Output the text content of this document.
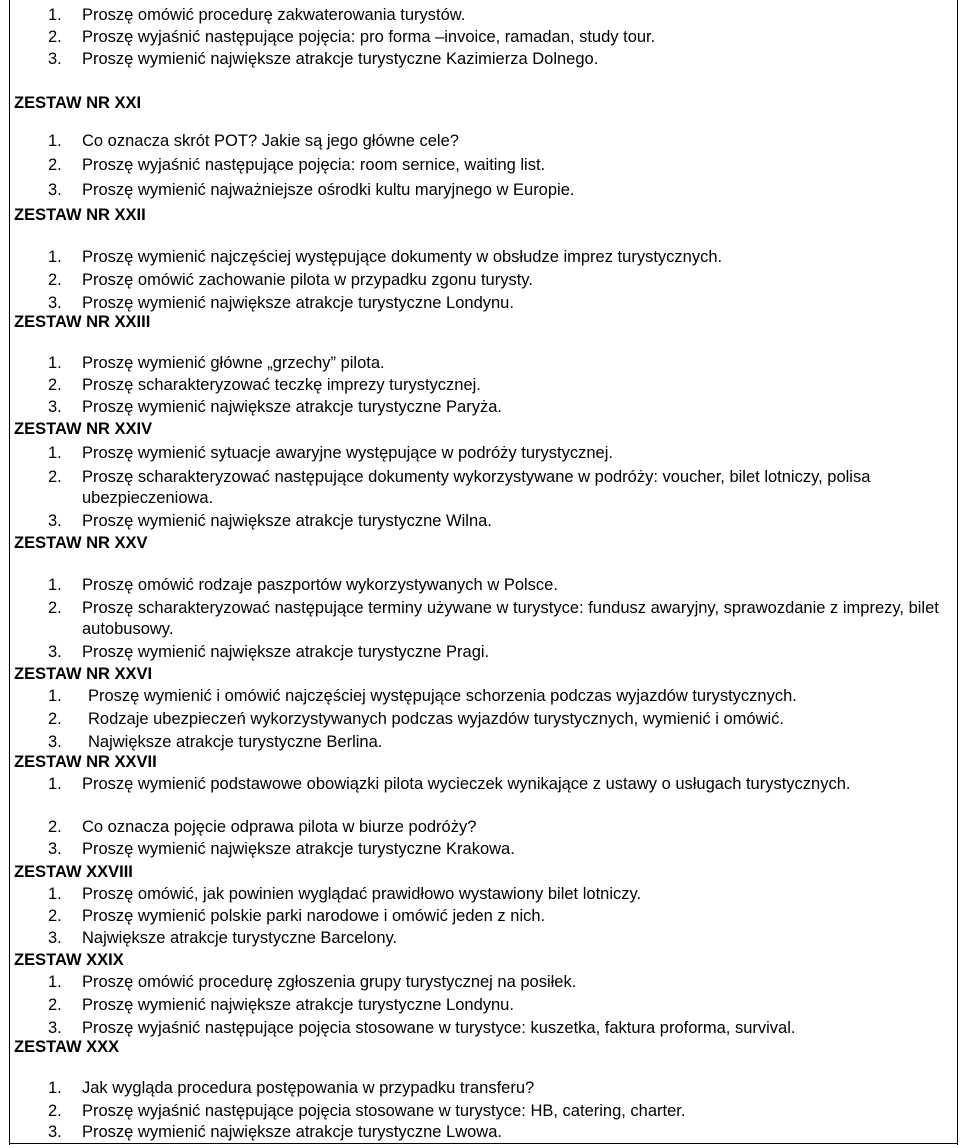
1. Proszę omówić procedurę zakwaterowania turystów.
2. Proszę wyjaśnić następujące pojęcia: pro forma –invoice, ramadan, study tour.
3. Proszę wymienić największe atrakcje turystyczne Kazimierza Dolnego.
ZESTAW NR XXI
1. Co oznacza skrót POT? Jakie są jego główne cele?
2. Proszę wyjaśnić następujące pojęcia: room sernice, waiting list.
3. Proszę wymienić najważniejsze ośrodki kultu maryjnego w Europie.
ZESTAW NR XXII
1. Proszę wymienić najczęściej występujące dokumenty w obsłudze imprez turystycznych.
2. Proszę omówić zachowanie pilota w przypadku zgonu turysty.
3. Proszę wymienić największe atrakcje turystyczne Londynu.
ZESTAW NR XXIII
1. Proszę wymienić główne „grzechy” pilota.
2. Proszę scharakteryzować teczkę imprezy turystycznej.
3. Proszę wymienić największe atrakcje turystyczne Paryża.
ZESTAW NR XXIV
1. Proszę wymienić sytuacje awaryjne występujące w podróży turystycznej.
2. Proszę scharakteryzować następujące dokumenty wykorzystywane w podróży: voucher, bilet lotniczy, polisa ubezpieczeniowa.
3. Proszę wymienić największe atrakcje turystyczne Wilna.
ZESTAW NR XXV
1. Proszę omówić rodzaje paszportów wykorzystywanych w Polsce.
2. Proszę scharakteryzować następujące terminy używane w turystyce: fundusz awaryjny, sprawozdanie z imprezy, bilet autobusowy.
3. Proszę wymienić największe atrakcje turystyczne Pragi.
ZESTAW NR XXVI
1. Proszę wymienić i omówić najczęściej występujące schorzenia podczas wyjazdów turystycznych.
2. Rodzaje ubezpieczeń wykorzystywanych podczas wyjazdów turystycznych, wymienić i omówić.
3. Największe atrakcje turystyczne Berlina.
ZESTAW NR XXVII
1. Proszę wymienić podstawowe obowiązki pilota wycieczek wynikające z ustawy o usługach turystycznych.
2. Co oznacza pojęcie odprawa pilota w biurze podróży?
3. Proszę wymienić największe atrakcje turystyczne Krakowa.
ZESTAW XXVIII
1. Proszę omówić, jak powinien wyglądać prawidłowo wystawiony bilet lotniczy.
2. Proszę wymienić polskie parki narodowe i omówić jeden z nich.
3. Największe atrakcje turystyczne Barcelony.
ZESTAW XXIX
1. Proszę omówić procedurę zgłoszenia grupy turystycznej na posiłek.
2. Proszę wymienić największe atrakcje turystyczne Londynu.
3. Proszę wyjaśnić następujące pojęcia stosowane w turystyce: kuszetka, faktura proforma, survival.
ZESTAW XXX
1. Jak wygląda procedura postępowania w przypadku transferu?
2. Proszę wyjaśnić następujące pojęcia stosowane w turystyce: HB, catering, charter.
3. Proszę wymienić największe atrakcje turystyczne Lwowa.
